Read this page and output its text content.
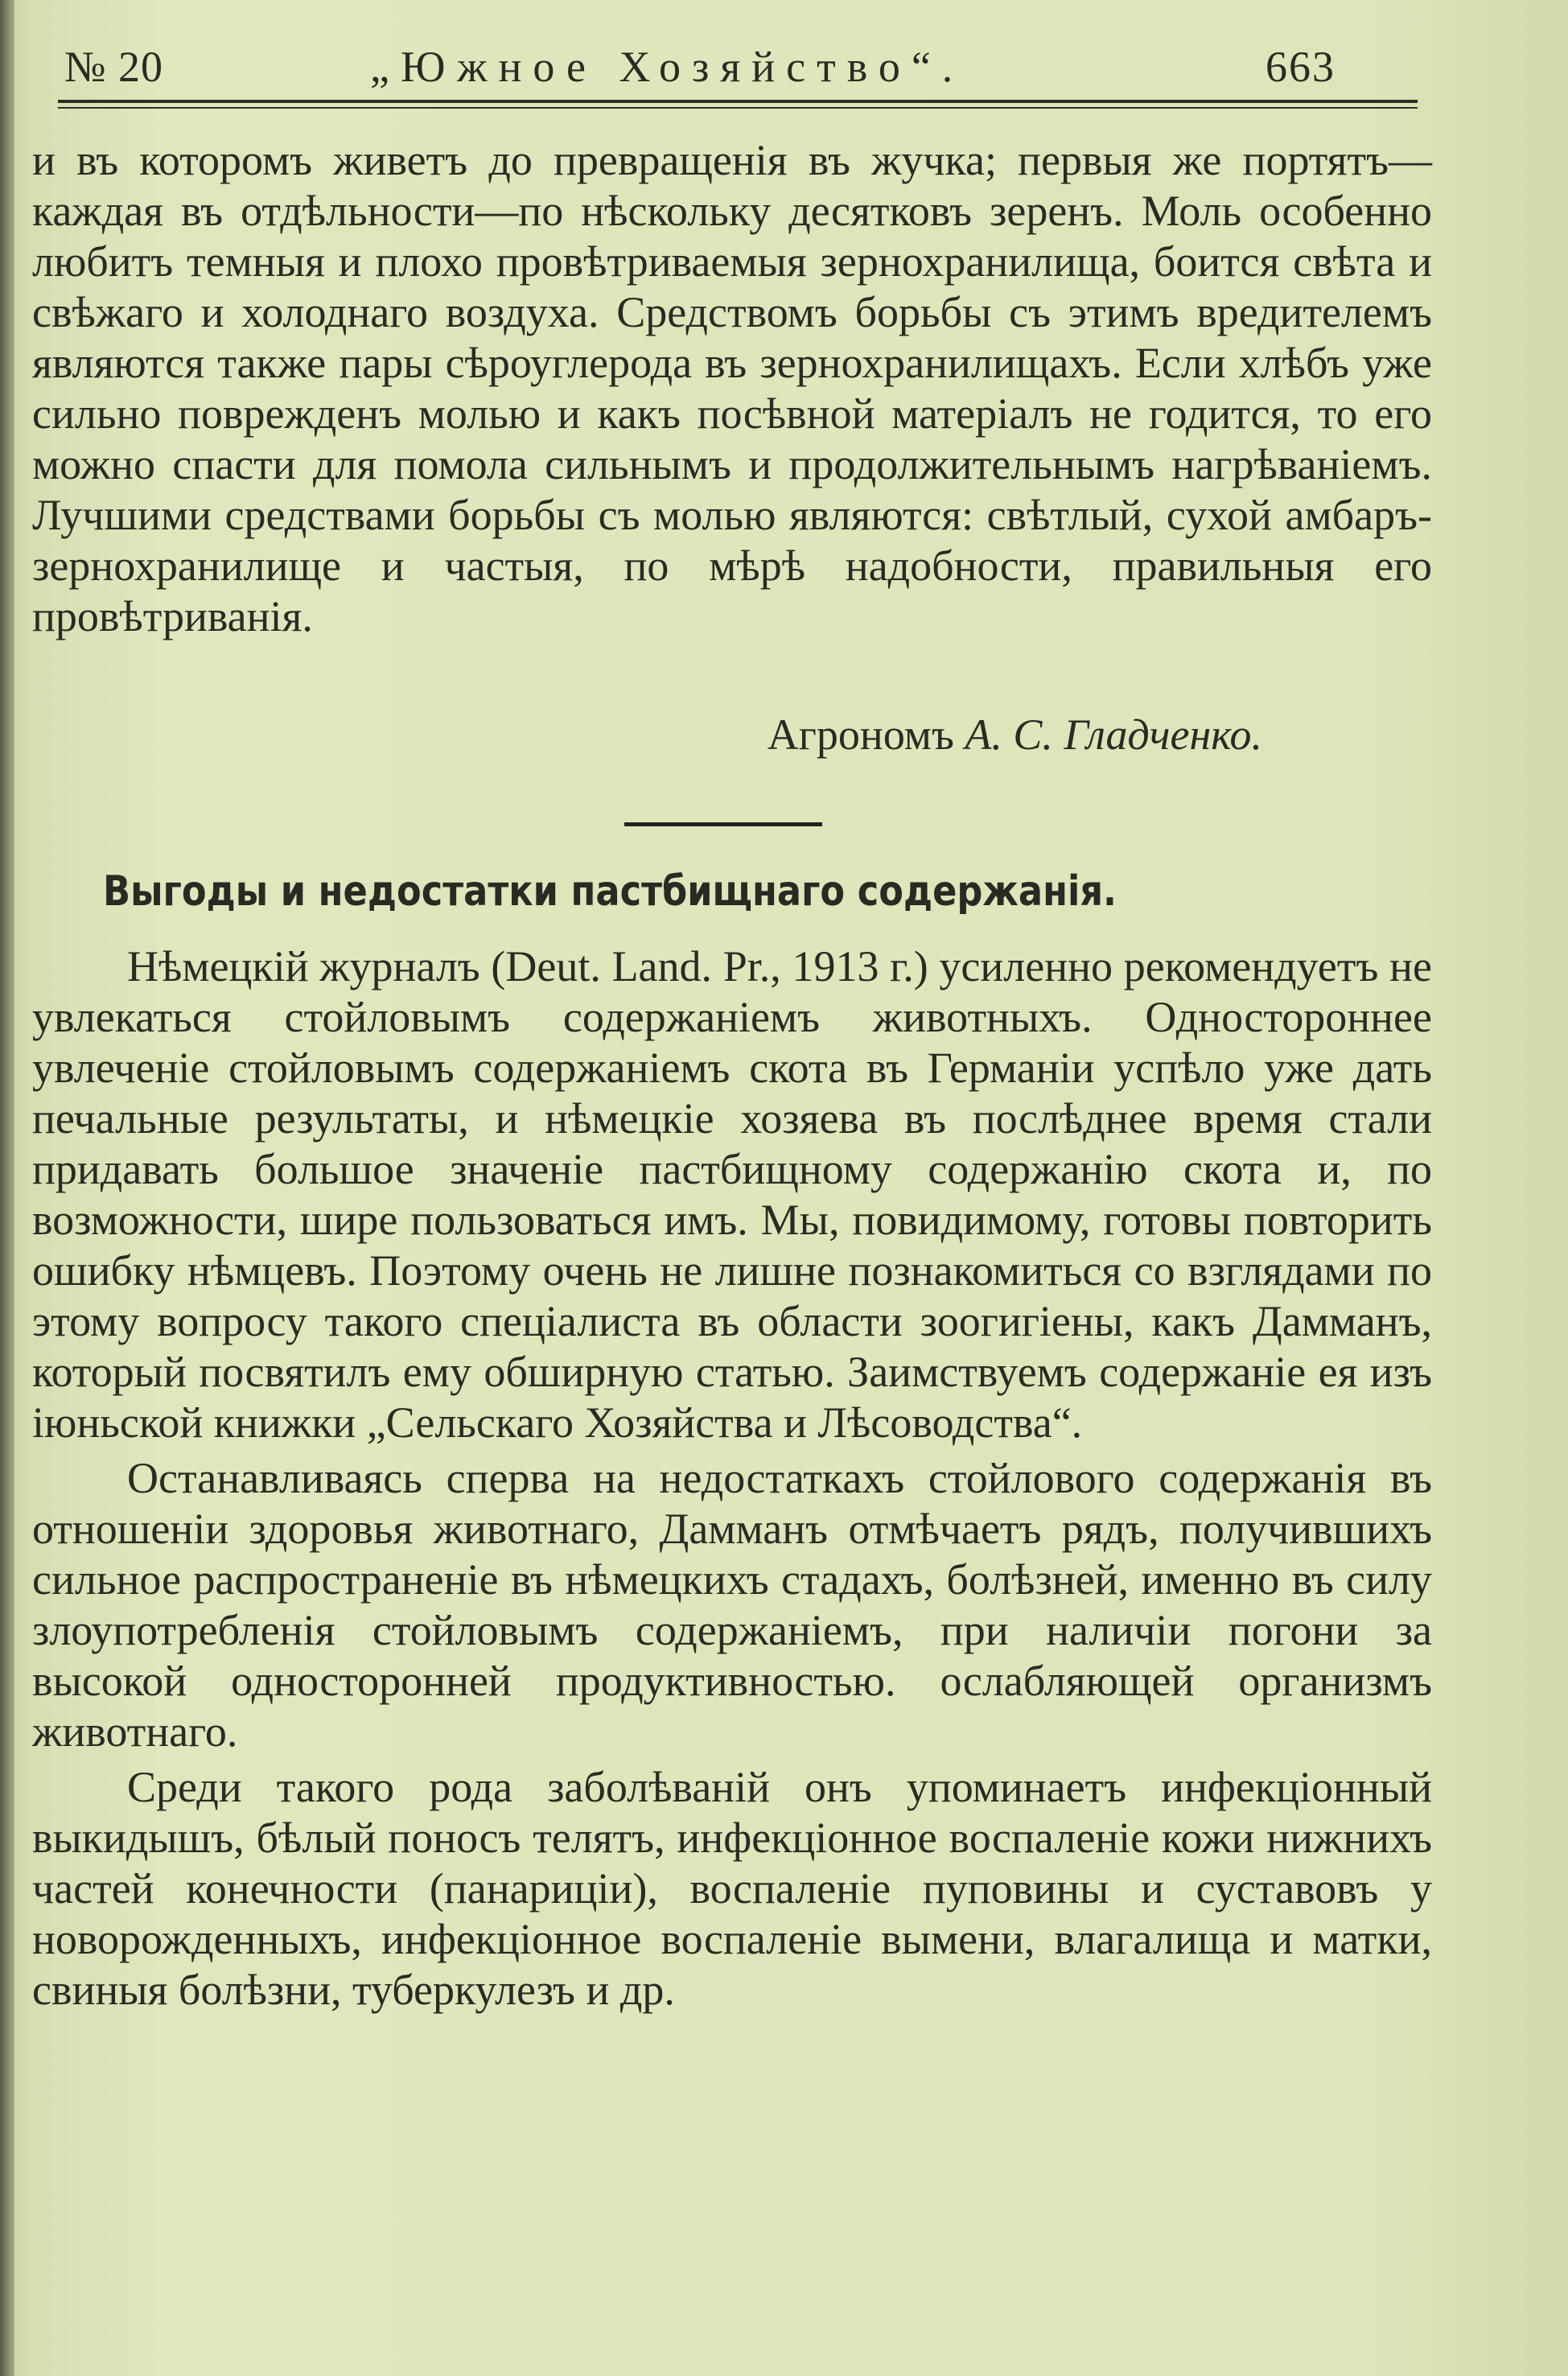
№ 20	„Южное Хозяйство“.	663

и въ которомъ живетъ до превращенія въ жучка; первыя же портятъ—каждая въ отдѣльности—по нѣскольку десятковъ зеренъ. Моль особенно любитъ темныя и плохо провѣтриваемыя зернохранилища, боится свѣта и свѣжаго и холоднаго воздуха. Средствомъ борьбы съ этимъ вредителемъ являются также пары сѣроуглерода въ зернохранилищахъ. Если хлѣбъ уже сильно поврежденъ молью и какъ посѣвной матеріалъ не годится, то его можно спасти для помола сильнымъ и продолжительнымъ нагрѣваніемъ. Лучшими средствами борьбы съ молью являются: свѣтлый, сухой амбаръ-зернохранилище и частыя, по мѣрѣ надобности, правильныя его провѣтриванія.

Агрономъ А. С. Гладченко.
Выгоды и недостатки пастбищнаго содержанія.

Нѣмецкій журналъ (Deut. Land. Pr., 1913 г.) усиленно рекомендуетъ не увлекаться стойловымъ содержаніемъ животныхъ. Одностороннее увлеченіе стойловымъ содержаніемъ скота въ Германіи успѣло уже дать печальные результаты, и нѣмецкіе хозяева въ послѣднее время стали придавать большое значеніе пастбищному содержанію скота и, по возможности, шире пользоваться имъ. Мы, повидимому, готовы повторить ошибку нѣмцевъ. Поэтому очень не лишне познакомиться со взглядами по этому вопросу такого спеціалиста въ области зоогигіены, какъ Дамманъ, который посвятилъ ему обширную статью. Заимствуемъ содержаніе ея изъ іюньской книжки „Сельскаго Хозяйства и Лѣсоводства“.

Останавливаясь сперва на недостаткахъ стойлового содержанія въ отношеніи здоровья животнаго, Дамманъ отмѣчаетъ рядъ, получившихъ сильное распространеніе въ нѣмецкихъ стадахъ, болѣзней, именно въ силу злоупотребленія стойловымъ содержаніемъ, при наличіи погони за высокой односторонней продуктивностью. ослабляющей организмъ животнаго.

Среди такого рода заболѣваній онъ упоминаетъ инфекціонный выкидышъ, бѣлый поносъ телятъ, инфекціонное воспаленіе кожи нижнихъ частей конечности (панариціи), воспаленіе пуповины и суставовъ у новорожденныхъ, инфекціонное воспаленіе вымени, влагалища и матки, свиныя болѣзни, туберкулезъ и др.
